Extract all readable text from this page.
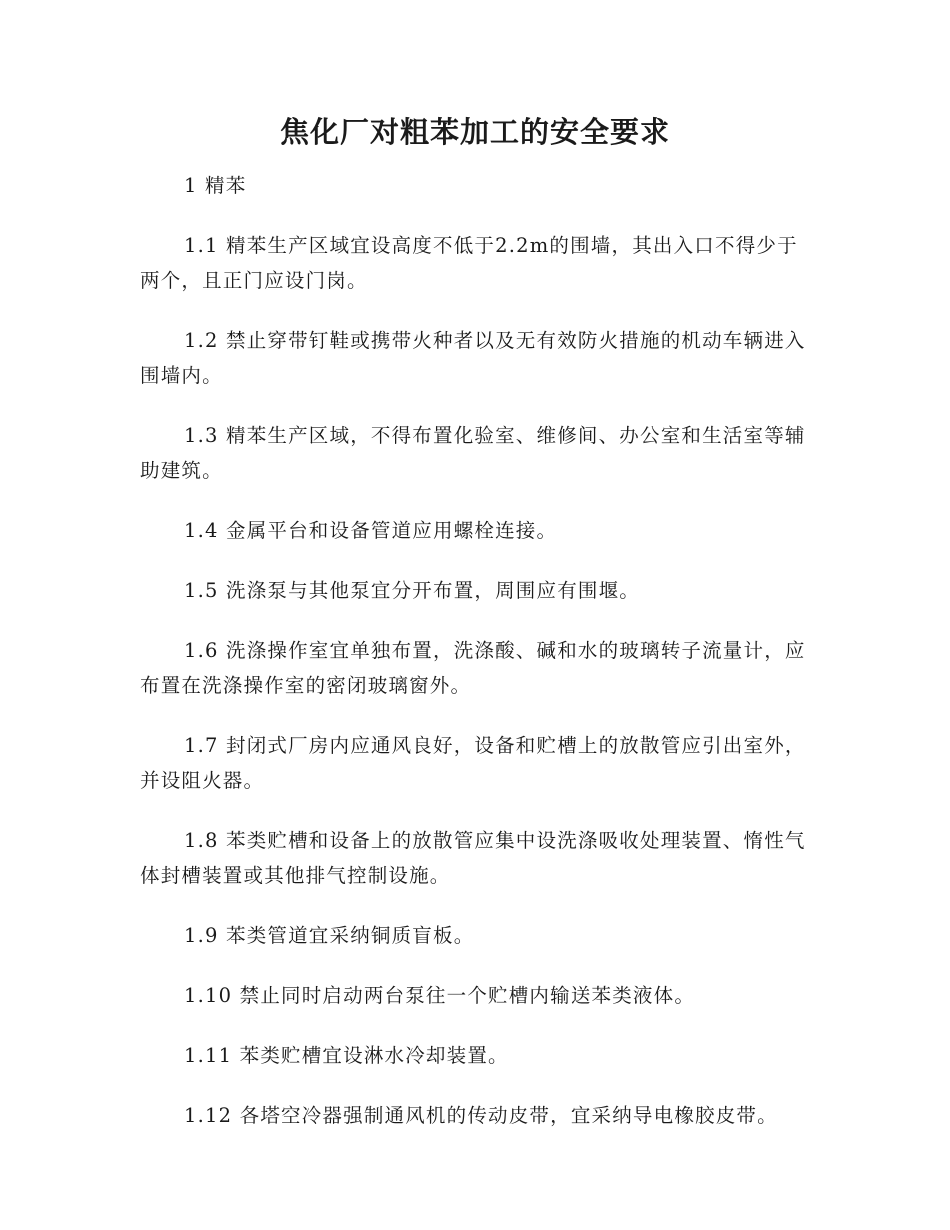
焦化厂对粗苯加工的安全要求

1 精苯

1.1 精苯生产区域宜设高度不低于2.2m的围墙，其出入口不得少于两个，且正门应设门岗。

1.2 禁止穿带钉鞋或携带火种者以及无有效防火措施的机动车辆进入围墙内。

1.3 精苯生产区域，不得布置化验室、维修间、办公室和生活室等辅助建筑。

1.4 金属平台和设备管道应用螺栓连接。

1.5 洗涤泵与其他泵宜分开布置，周围应有围堰。

1.6 洗涤操作室宜单独布置，洗涤酸、碱和水的玻璃转子流量计，应布置在洗涤操作室的密闭玻璃窗外。

1.7 封闭式厂房内应通风良好，设备和贮槽上的放散管应引出室外，并设阻火器。

1.8 苯类贮槽和设备上的放散管应集中设洗涤吸收处理装置、惰性气体封槽装置或其他排气控制设施。

1.9 苯类管道宜采纳铜质盲板。

1.10 禁止同时启动两台泵往一个贮槽内输送苯类液体。

1.11 苯类贮槽宜设淋水冷却装置。

1.12 各塔空冷器强制通风机的传动皮带，宜采纳导电橡胶皮带。
